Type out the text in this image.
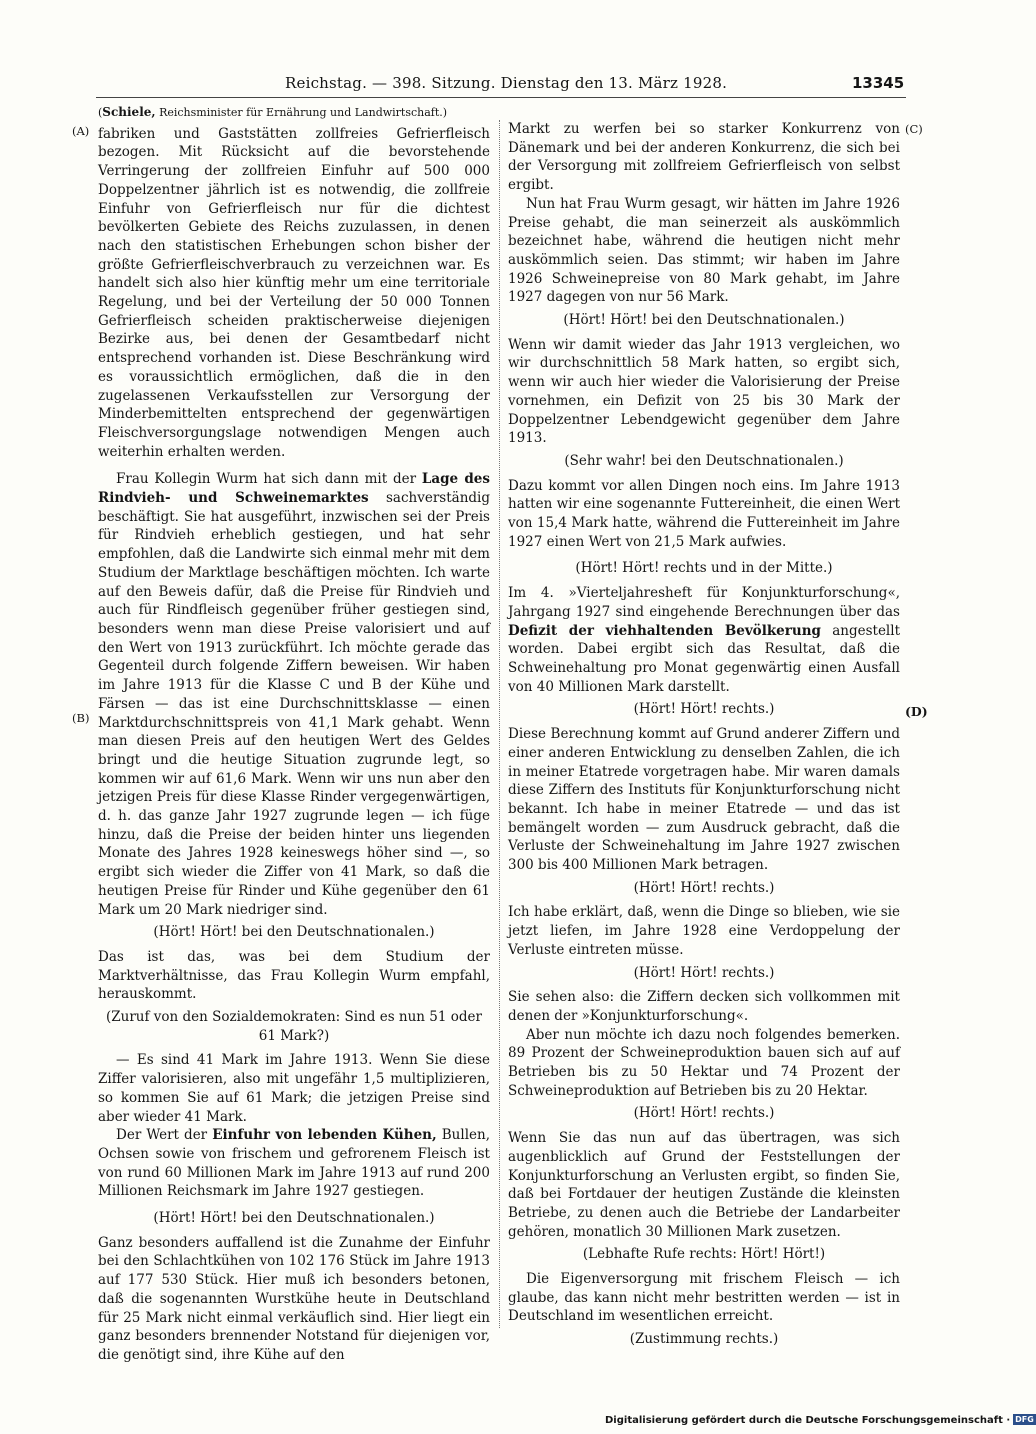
Reichstag. — 398. Sitzung. Dienstag den 13. März 1928.	13345
(A)
(B)
(C)
(D)

(Schiele, Reichsminister für Ernährung und Landwirtschaft.)

fabriken und Gaststätten zollfreies Gefrierfleisch bezogen. Mit Rücksicht auf die bevorstehende Verringerung der zollfreien Einfuhr auf 500 000 Doppelzentner jährlich ist es notwendig, die zollfreie Einfuhr von Gefrierfleisch nur für die dichtest bevölkerten Gebiete des Reichs zuzulassen, in denen nach den statistischen Erhebungen schon bisher der größte Gefrierfleischverbrauch zu verzeichnen war. Es handelt sich also hier künftig mehr um eine territoriale Regelung, und bei der Verteilung der 50 000 Tonnen Gefrierfleisch scheiden praktischerweise diejenigen Bezirke aus, bei denen der Gesamtbedarf nicht entsprechend vorhanden ist. Diese Beschränkung wird es voraussichtlich ermöglichen, daß die in den zugelassenen Verkaufsstellen zur Versorgung der Minderbemittelten entsprechend der gegenwärtigen Fleischversorgungslage notwendigen Mengen auch weiterhin erhalten werden.

Frau Kollegin Wurm hat sich dann mit der Lage des Rindvieh- und Schweinemarktes sachverständig beschäftigt. Sie hat ausgeführt, inzwischen sei der Preis für Rindvieh erheblich gestiegen, und hat sehr empfohlen, daß die Landwirte sich einmal mehr mit dem Studium der Marktlage beschäftigen möchten. Ich warte auf den Beweis dafür, daß die Preise für Rindvieh und auch für Rindfleisch gegenüber früher gestiegen sind, besonders wenn man diese Preise valorisiert und auf den Wert von 1913 zurückführt. Ich möchte gerade das Gegenteil durch folgende Ziffern beweisen. Wir haben im Jahre 1913 für die Klasse C und B der Kühe und Färsen — das ist eine Durchschnittsklasse — einen Marktdurchschnittspreis von 41,1 Mark gehabt. Wenn man diesen Preis auf den heutigen Wert des Geldes bringt und die heutige Situation zugrunde legt, so kommen wir auf 61,6 Mark. Wenn wir uns nun aber den jetzigen Preis für diese Klasse Rinder vergegenwärtigen, d. h. das ganze Jahr 1927 zugrunde legen — ich füge hinzu, daß die Preise der beiden hinter uns liegenden Monate des Jahres 1928 keineswegs höher sind —, so ergibt sich wieder die Ziffer von 41 Mark, so daß die heutigen Preise für Rinder und Kühe gegenüber den 61 Mark um 20 Mark niedriger sind.

(Hört! Hört! bei den Deutschnationalen.)

Das ist das, was bei dem Studium der Marktverhältnisse, das Frau Kollegin Wurm empfahl, herauskommt.

(Zuruf von den Sozialdemokraten: Sind es nun 51 oder 61 Mark?)

— Es sind 41 Mark im Jahre 1913. Wenn Sie diese Ziffer valorisieren, also mit ungefähr 1,5 multiplizieren, so kommen Sie auf 61 Mark; die jetzigen Preise sind aber wieder 41 Mark.

Der Wert der Einfuhr von lebenden Kühen, Bullen, Ochsen sowie von frischem und gefrorenem Fleisch ist von rund 60 Millionen Mark im Jahre 1913 auf rund 200 Millionen Reichsmark im Jahre 1927 gestiegen.

(Hört! Hört! bei den Deutschnationalen.)

Ganz besonders auffallend ist die Zunahme der Einfuhr bei den Schlachtkühen von 102 176 Stück im Jahre 1913 auf 177 530 Stück. Hier muß ich besonders betonen, daß die sogenannten Wurstkühe heute in Deutschland für 25 Mark nicht einmal verkäuflich sind. Hier liegt ein ganz besonders brennender Notstand für diejenigen vor, die genötigt sind, ihre Kühe auf den

Markt zu werfen bei so starker Konkurrenz von Dänemark und bei der anderen Konkurrenz, die sich bei der Versorgung mit zollfreiem Gefrierfleisch von selbst ergibt.

Nun hat Frau Wurm gesagt, wir hätten im Jahre 1926 Preise gehabt, die man seinerzeit als auskömmlich bezeichnet habe, während die heutigen nicht mehr auskömmlich seien. Das stimmt; wir haben im Jahre 1926 Schweinepreise von 80 Mark gehabt, im Jahre 1927 dagegen von nur 56 Mark.

(Hört! Hört! bei den Deutschnationalen.)

Wenn wir damit wieder das Jahr 1913 vergleichen, wo wir durchschnittlich 58 Mark hatten, so ergibt sich, wenn wir auch hier wieder die Valorisierung der Preise vornehmen, ein Defizit von 25 bis 30 Mark der Doppelzentner Lebendgewicht gegenüber dem Jahre 1913.

(Sehr wahr! bei den Deutschnationalen.)

Dazu kommt vor allen Dingen noch eins. Im Jahre 1913 hatten wir eine sogenannte Futtereinheit, die einen Wert von 15,4 Mark hatte, während die Futtereinheit im Jahre 1927 einen Wert von 21,5 Mark aufwies.

(Hört! Hört! rechts und in der Mitte.)

Im 4. »Vierteljahresheft für Konjunkturforschung«, Jahrgang 1927 sind eingehende Berechnungen über das Defizit der viehhaltenden Bevölkerung angestellt worden. Dabei ergibt sich das Resultat, daß die Schweinehaltung pro Monat gegenwärtig einen Ausfall von 40 Millionen Mark darstellt.

(Hört! Hört! rechts.)

Diese Berechnung kommt auf Grund anderer Ziffern und einer anderen Entwicklung zu denselben Zahlen, die ich in meiner Etatrede vorgetragen habe. Mir waren damals diese Ziffern des Instituts für Konjunkturforschung nicht bekannt. Ich habe in meiner Etatrede — und das ist bemängelt worden — zum Ausdruck gebracht, daß die Verluste der Schweinehaltung im Jahre 1927 zwischen 300 bis 400 Millionen Mark betragen.

(Hört! Hört! rechts.)

Ich habe erklärt, daß, wenn die Dinge so blieben, wie sie jetzt liefen, im Jahre 1928 eine Verdoppelung der Verluste eintreten müsse.

(Hört! Hört! rechts.)

Sie sehen also: die Ziffern decken sich vollkommen mit denen der »Konjunkturforschung«.

Aber nun möchte ich dazu noch folgendes bemerken. 89 Prozent der Schweineproduktion bauen sich auf auf Betrieben bis zu 50 Hektar und 74 Prozent der Schweineproduktion auf Betrieben bis zu 20 Hektar.

(Hört! Hört! rechts.)

Wenn Sie das nun auf das übertragen, was sich augenblicklich auf Grund der Feststellungen der Konjunkturforschung an Verlusten ergibt, so finden Sie, daß bei Fortdauer der heutigen Zustände die kleinsten Betriebe, zu denen auch die Betriebe der Landarbeiter gehören, monatlich 30 Millionen Mark zusetzen.

(Lebhafte Rufe rechts: Hört! Hört!)

Die Eigenversorgung mit frischem Fleisch — ich glaube, das kann nicht mehr bestritten werden — ist in Deutschland im wesentlichen erreicht.

(Zustimmung rechts.)

Digitalisierung gefördert durch die Deutsche Forschungsgemeinschaft · DFG
